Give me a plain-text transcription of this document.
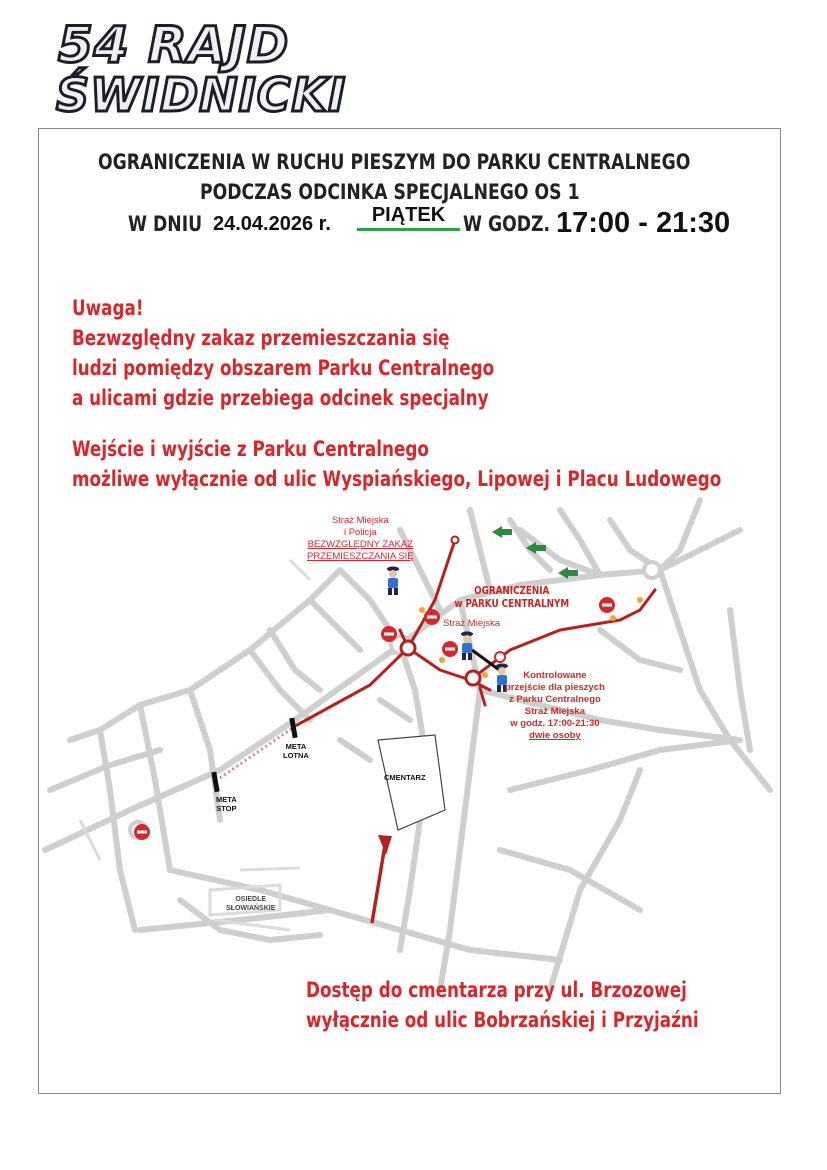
54 RAJD
ŚWIDNICKI
OGRANICZENIA W RUCHU PIESZYM DO PARKU CENTRALNEGO
PODCZAS ODCINKA SPECJALNEGO OS 1
W DNIU 24.04.2026 r.	PIĄTEK W GODZ. 17:00 - 21:30
Uwaga!
Bezwzględny zakaz przemieszczania się
ludzi pomiędzy obszarem Parku Centralnego
a ulicami gdzie przebiega odcinek specjalny
Wejście i wyjście z Parku Centralnego
możliwe wyłącznie od ulic Wyspiańskiego, Lipowej i Placu Ludowego
Straż Miejska
i Policja
BEZWZGLĘDNY ZAKAZ
PRZEMIESZCZANIA SIĘ
OGRANICZENIA
w PARKU CENTRALNYM
Straż Miejska
Kontrolowane
przejście dla pieszych
z Parku Centralnego
Straż Miejska
w godz. 17:00-21:30
dwie osoby
META
LOTNA
META
STOP
CMENTARZ
OSIEDLE
SŁOWIAŃSKIE
Dostęp do cmentarza przy ul. Brzozowej
wyłącznie od ulic Bobrzańskiej i Przyjaźni
